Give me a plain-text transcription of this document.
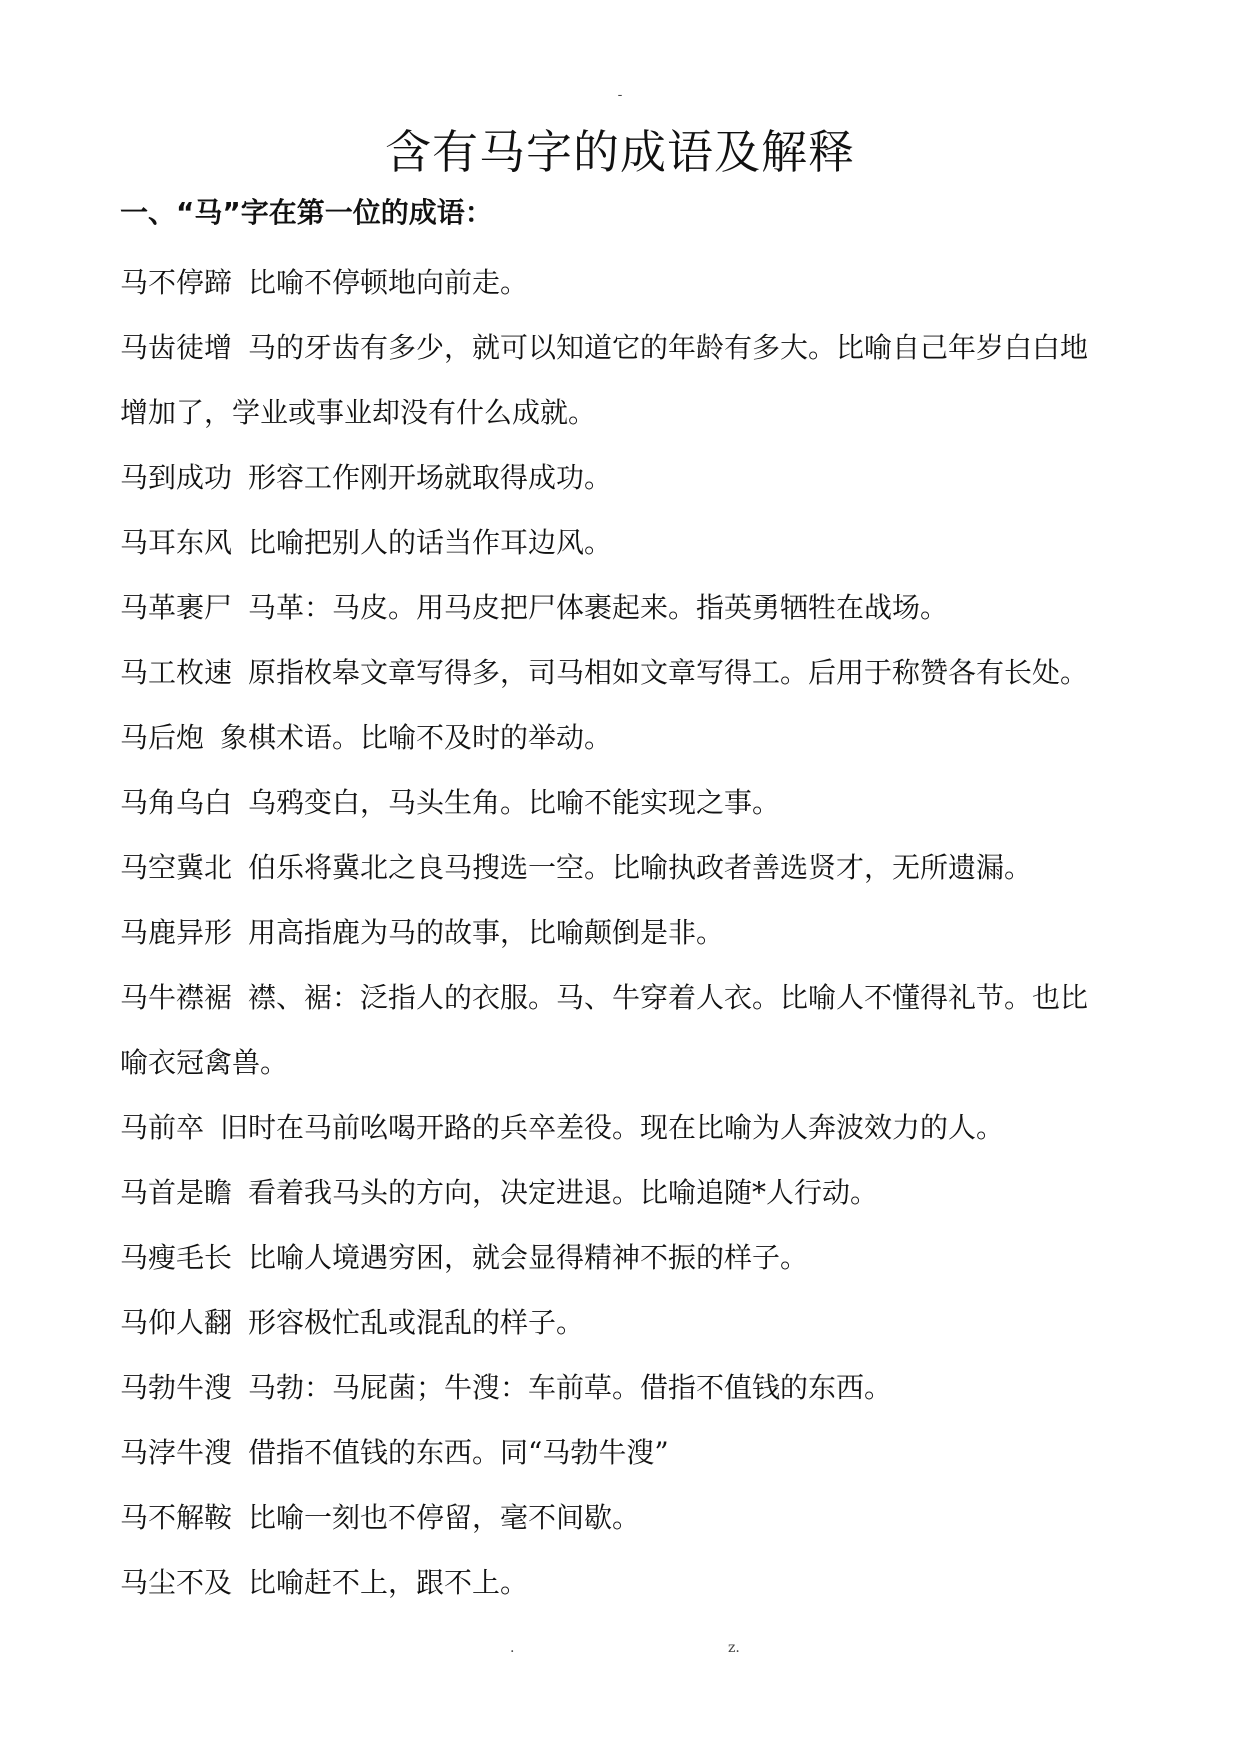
-
含有马字的成语及解释
一、“马”字在第一位的成语：
马不停蹄 比喻不停顿地向前走。
马齿徒增 马的牙齿有多少，就可以知道它的年龄有多大。比喻自己年岁白白地
增加了，学业或事业却没有什么成就。
马到成功 形容工作刚开场就取得成功。
马耳东风 比喻把别人的话当作耳边风。
马革裹尸 马革：马皮。用马皮把尸体裹起来。指英勇牺牲在战场。
马工枚速 原指枚皋文章写得多，司马相如文章写得工。后用于称赞各有长处。
马后炮 象棋术语。比喻不及时的举动。
马角乌白 乌鸦变白，马头生角。比喻不能实现之事。
马空冀北 伯乐将冀北之良马搜选一空。比喻执政者善选贤才，无所遗漏。
马鹿异形 用高指鹿为马的故事，比喻颠倒是非。
马牛襟裾 襟、裾：泛指人的衣服。马、牛穿着人衣。比喻人不懂得礼节。也比
喻衣冠禽兽。
马前卒 旧时在马前吆喝开路的兵卒差役。现在比喻为人奔波效力的人。
马首是瞻 看着我马头的方向，决定进退。比喻追随*人行动。
马瘦毛长 比喻人境遇穷困，就会显得精神不振的样子。
马仰人翻 形容极忙乱或混乱的样子。
马勃牛溲 马勃：马屁菌；牛溲：车前草。借指不值钱的东西。
马浡牛溲 借指不值钱的东西。同“马勃牛溲”
马不解鞍 比喻一刻也不停留，毫不间歇。
马尘不及 比喻赶不上，跟不上。
.	z.
